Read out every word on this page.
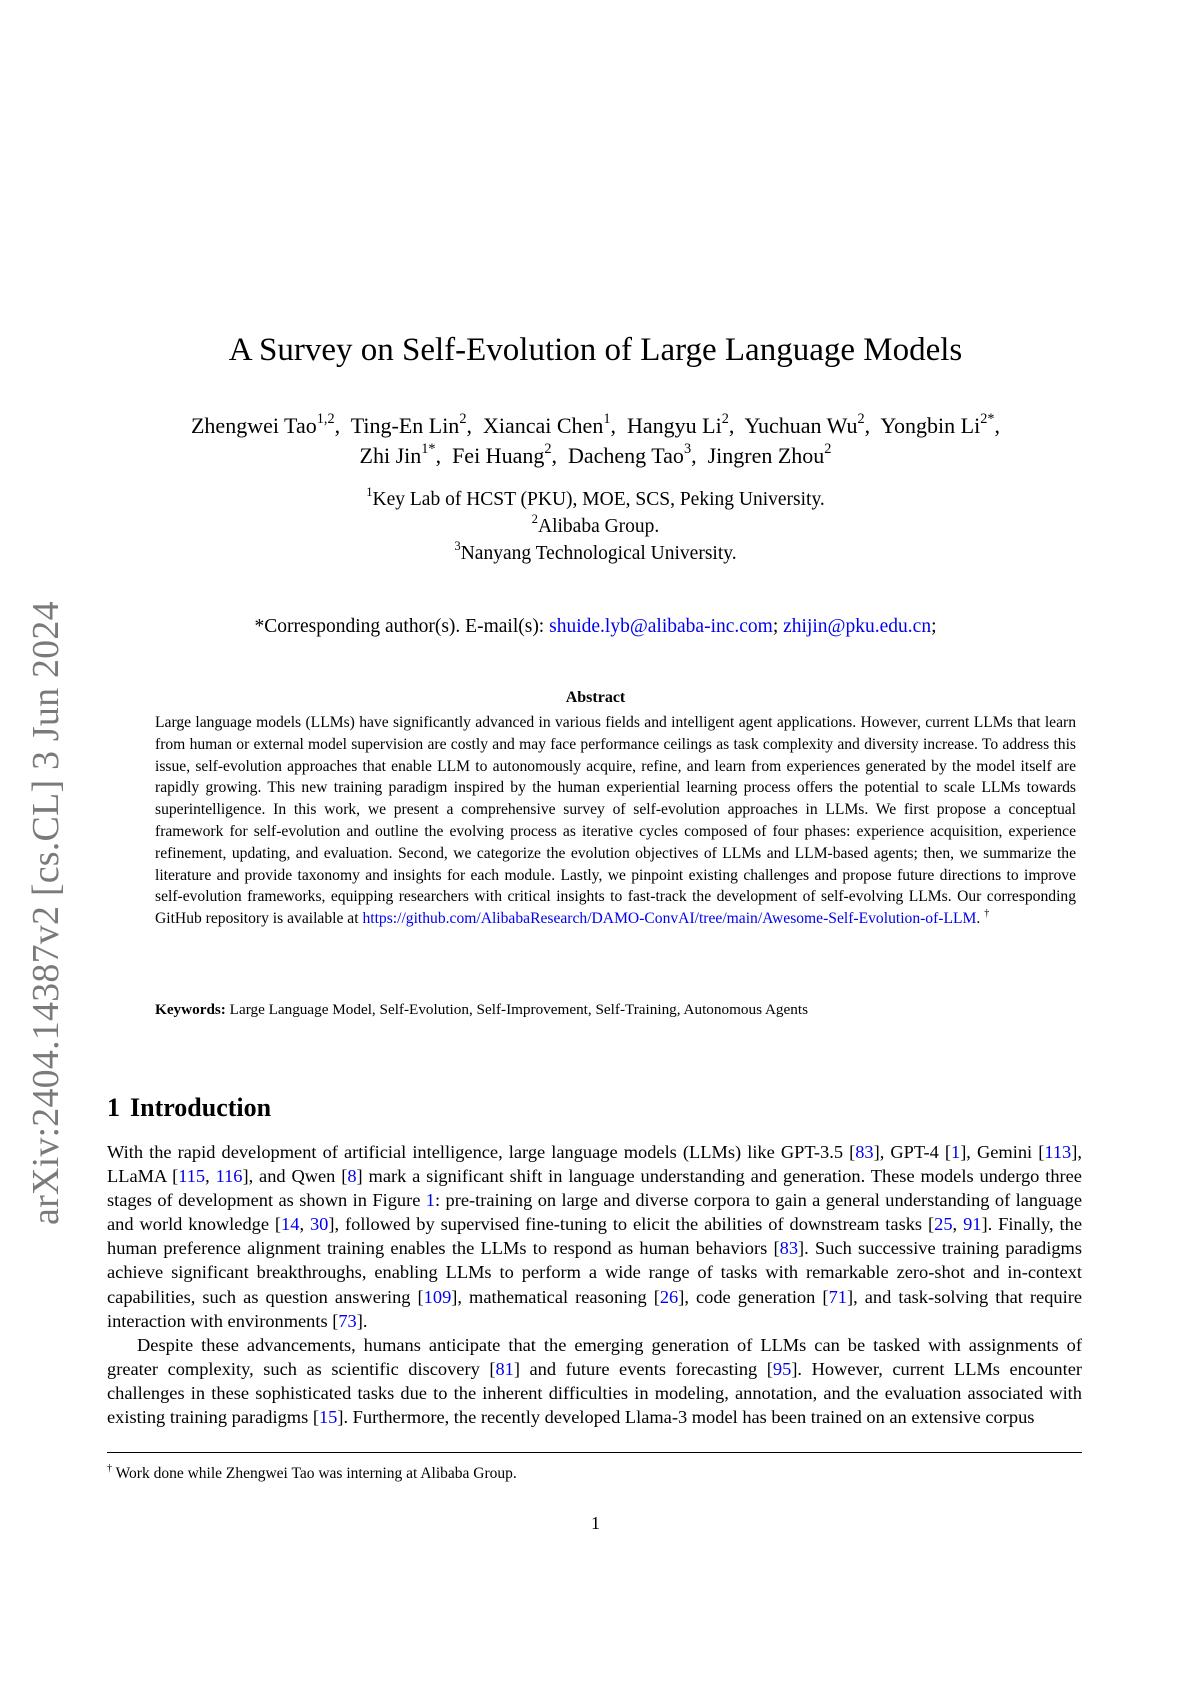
arXiv:2404.14387v2 [cs.CL] 3 Jun 2024
A Survey on Self-Evolution of Large Language Models
Zhengwei Tao$^{1,2}$,  Ting-En Lin$^2$,  Xiancai Chen$^1$,  Hangyu Li$^2$,  Yuchuan Wu$^2$,  Yongbin $Li^{2*}$,
Zhi Jin$^{1*}$,  Fei Huang$^2$,  Dacheng Tao$^3$,  Jingren Zhou$^2$
$^1$Key Lab of HCST (PKU), MOE, SCS, Peking University.
$^2$Alibaba Group.
$^3$Nanyang Technological University.
*Corresponding author(s). E-mail(s): shuide.lyb@alibaba-inc.com; zhijin@pku.edu.cn;
Abstract
Large language models (LLMs) have significantly advanced in various fields and intelligent agent applications. However, current LLMs that learn from human or external model supervision are costly and may face performance ceilings as task complexity and diversity increase. To address this issue, self-evolution approaches that enable LLM to autonomously acquire, refine, and learn from experiences generated by the model itself are rapidly growing. This new training paradigm inspired by the human experiential learning process offers the potential to scale LLMs towards superintelligence. In this work, we present a comprehensive survey of self-evolution approaches in LLMs. We first propose a conceptual framework for self-evolution and outline the evolving process as iterative cycles composed of four phases: experience acquisition, experience refinement, updating, and evaluation. Second, we categorize the evolution objectives of LLMs and LLM-based agents; then, we summarize the literature and provide taxonomy and insights for each module. Lastly, we pinpoint existing challenges and propose future directions to improve self-evolution frameworks, equipping researchers with critical insights to fast-track the development of self-evolving LLMs. Our corresponding GitHub repository is available at https://github.com/AlibabaResearch/DAMO-ConvAI/tree/main/Awesome-Self-Evolution-of-LLM. †
Keywords: Large Language Model, Self-Evolution, Self-Improvement, Self-Training, Autonomous Agents
1 Introduction

With the rapid development of artificial intelligence, large language models (LLMs) like GPT-3.5 [83], GPT-4 [1], Gemini [113], LLaMA [115, 116], and Qwen [8] mark a significant shift in language understanding and generation. These models undergo three stages of development as shown in Figure 1: pre-training on large and diverse corpora to gain a general understanding of language and world knowledge [14, 30], followed by supervised fine-tuning to elicit the abilities of downstream tasks [25, 91]. Finally, the human preference alignment training enables the LLMs to respond as human behaviors [83]. Such successive training paradigms achieve significant breakthroughs, enabling LLMs to perform a wide range of tasks with remarkable zero-shot and in-context capabilities, such as question answering [109], mathematical reasoning [26], code generation [71], and task-solving that require interaction with environments [73].

Despite these advancements, humans anticipate that the emerging generation of LLMs can be tasked with assignments of greater complexity, such as scientific discovery [81] and future events forecasting [95]. However, current LLMs encounter challenges in these sophisticated tasks due to the inherent difficulties in modeling, annotation, and the evaluation associated with existing training paradigms [15]. Furthermore, the recently developed Llama-3 model has been trained on an extensive corpus

† Work done while Zhengwei Tao was interning at Alibaba Group.
1
